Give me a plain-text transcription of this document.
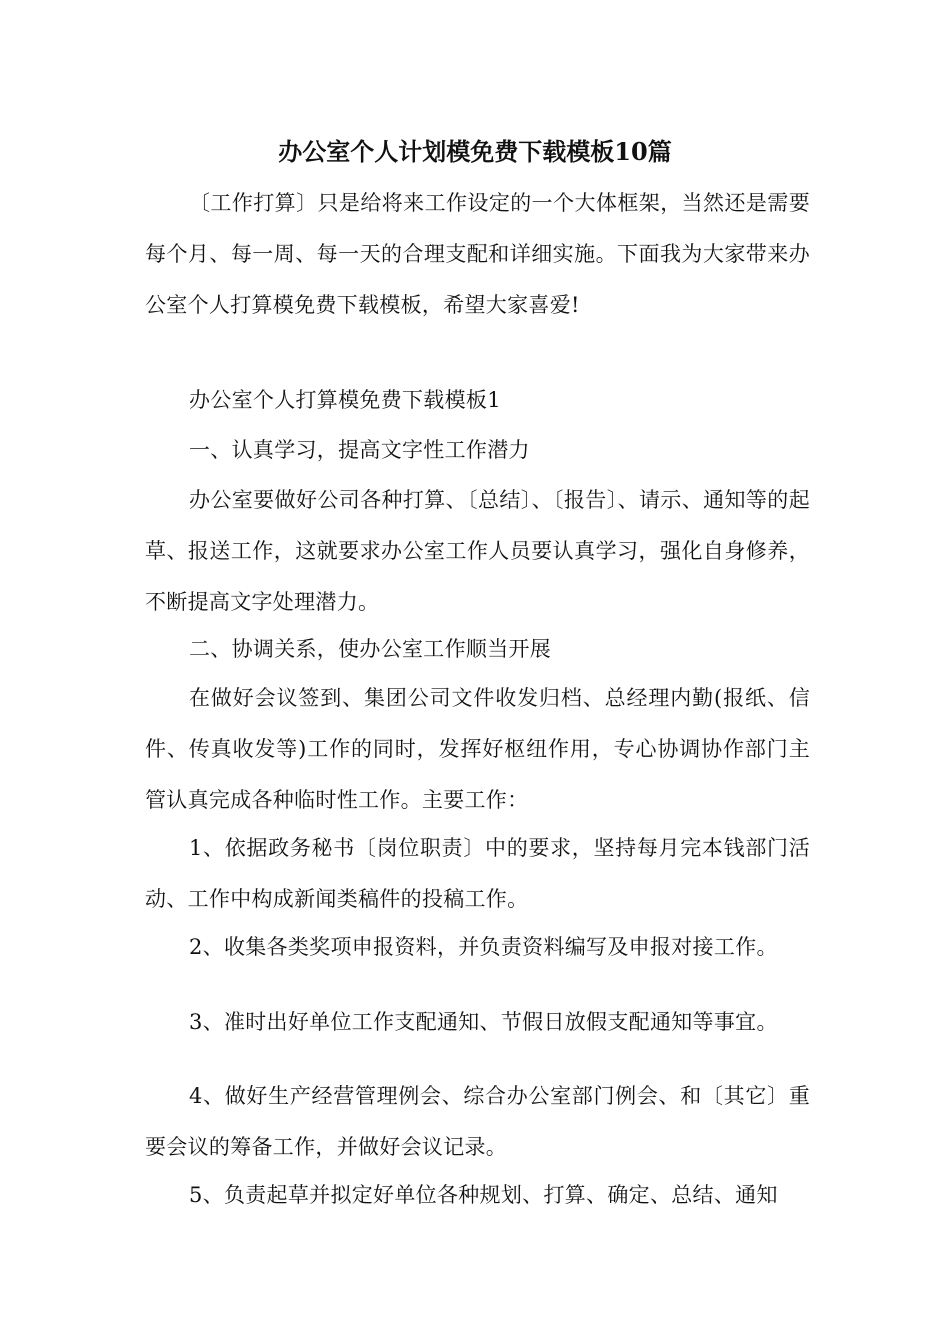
办公室个人计划模免费下载模板10篇

〔工作打算〕只是给将来工作设定的一个大体框架，当然还是需要每个月、每一周、每一天的合理支配和详细实施。下面我为大家带来办公室个人打算模免费下载模板，希望大家喜爱!

办公室个人打算模免费下载模板1

一、认真学习，提高文字性工作潜力

办公室要做好公司各种打算、〔总结〕、〔报告〕、请示、通知等的起草、报送工作，这就要求办公室工作人员要认真学习，强化自身修养，不断提高文字处理潜力。

二、协调关系，使办公室工作顺当开展

在做好会议签到、集团公司文件收发归档、总经理内勤(报纸、信件、传真收发等)工作的同时，发挥好枢纽作用，专心协调协作部门主管认真完成各种临时性工作。主要工作：

1、依据政务秘书〔岗位职责〕中的要求，坚持每月完本钱部门活动、工作中构成新闻类稿件的投稿工作。

2、收集各类奖项申报资料，并负责资料编写及申报对接工作。

3、准时出好单位工作支配通知、节假日放假支配通知等事宜。

4、做好生产经营管理例会、综合办公室部门例会、和〔其它〕重要会议的筹备工作，并做好会议记录。

5、负责起草并拟定好单位各种规划、打算、确定、总结、通知
